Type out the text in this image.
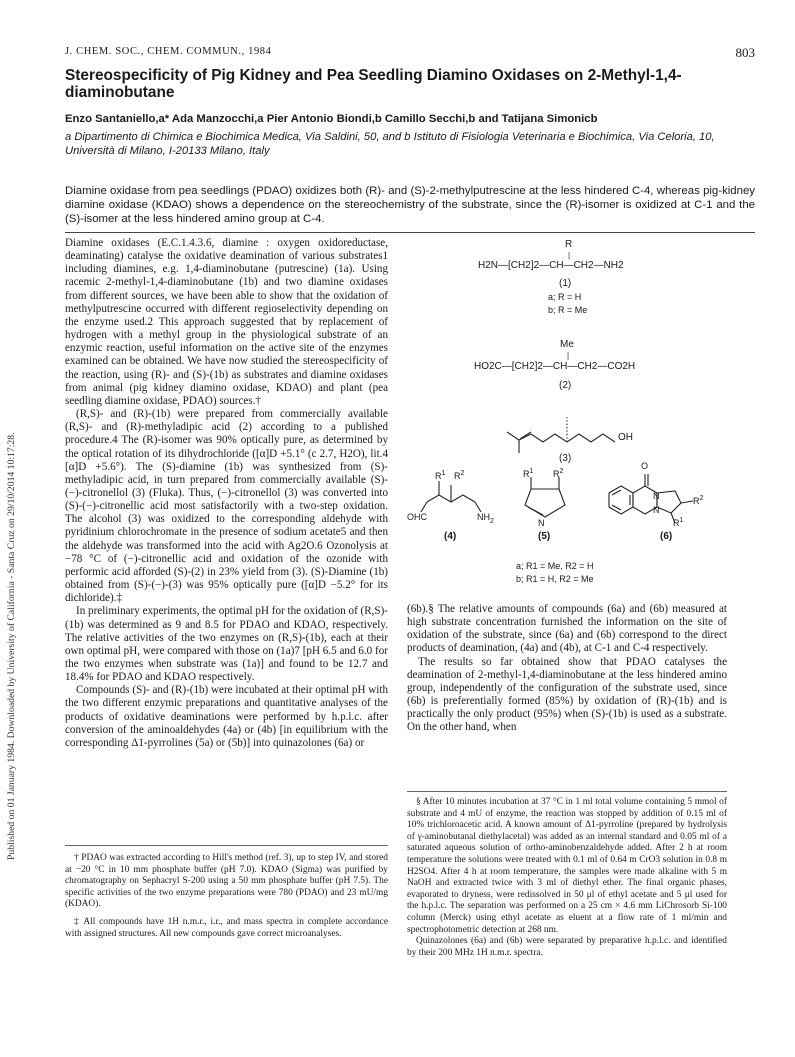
Published on 01 January 1984. Downloaded by University of California - Santa Cruz on 29/10/2014 10:17:28.
J. CHEM. SOC., CHEM. COMMUN., 1984	803
Stereospecificity of Pig Kidney and Pea Seedling Diamino Oxidases on 2-Methyl-1,4-diaminobutane
Enzo Santaniello,a* Ada Manzocchi,a Pier Antonio Biondi,b Camillo Secchi,b and Tatijana Simonicb
a Dipartimento di Chimica e Biochimica Medica, Via Saldini, 50, and b Istituto di Fisiologia Veterinaria e Biochimica, Via Celoria, 10, Università di Milano, I-20133 Milano, Italy
Diamine oxidase from pea seedlings (PDAO) oxidizes both (R)- and (S)-2-methylputrescine at the less hindered C-4, whereas pig-kidney diamine oxidase (KDAO) shows a dependence on the stereochemistry of the substrate, since the (R)-isomer is oxidized at C-1 and the (S)-isomer at the less hindered amino group at C-4.

Diamine oxidases (E.C.1.4.3.6, diamine : oxygen oxidoreductase, deaminating) catalyse the oxidative deamination of various substrates1 including diamines, e.g. 1,4-diaminobutane (putrescine) (1a). Using racemic 2-methyl-1,4-diaminobutane (1b) and two diamine oxidases from different sources, we have been able to show that the oxidation of methylputrescine occurred with different regioselectivity depending on the enzyme used.2 This approach suggested that by replacement of hydrogen with a methyl group in the physiological substrate of an enzymic reaction, useful information on the active site of the enzymes examined can be obtained. We have now studied the stereospecificity of the reaction, using (R)- and (S)-(1b) as substrates and diamine oxidases from animal (pig kidney diamino oxidase, KDAO) and plant (pea seedling diamine oxidase, PDAO) sources.†

(R,S)- and (R)-(1b) were prepared from commercially available (R,S)- and (R)-methyladipic acid (2) according to a published procedure.4 The (R)-isomer was 90% optically pure, as determined by the optical rotation of its dihydrochloride ([α]D +5.1° (c 2.7, H2O), lit.4 [α]D +5.6°). The (S)-diamine (1b) was synthesized from (S)-methyladipic acid, in turn prepared from commercially available (S)-(−)-citronellol (3) (Fluka). Thus, (−)-citronellol (3) was converted into (S)-(−)-citronellic acid most satisfactorily with a two-step oxidation. The alcohol (3) was oxidized to the corresponding aldehyde with pyridinium chlorochromate in the presence of sodium acetate5 and then the aldehyde was transformed into the acid with Ag2O.6 Ozonolysis at −78 °C of (−)-citronellic acid and oxidation of the ozonide with performic acid afforded (S)-(2) in 23% yield from (3). (S)-Diamine (1b) obtained from (S)-(−)-(3) was 95% optically pure ([α]D −5.2° for its dichloride).‡

In preliminary experiments, the optimal pH for the oxidation of (R,S)-(1b) was determined as 9 and 8.5 for PDAO and KDAO, respectively. The relative activities of the two enzymes on (R,S)-(1b), each at their own optimal pH, were compared with those on (1a)7 [pH 6.5 and 6.0 for the two enzymes when substrate was (1a)] and found to be 12.7 and 18.4% for PDAO and KDAO respectively.

Compounds (S)- and (R)-(1b) were incubated at their optimal pH with the two different enzymic preparations and quantitative analyses of the products of oxidative deaminations were performed by h.p.l.c. after conversion of the aminoaldehydes (4a) or (4b) [in equilibrium with the corresponding Δ1-pyrrolines (5a) or (5b)] into quinazolones (6a) or

† PDAO was extracted according to Hill's method (ref. 3), up to step IV, and stored at −20 °C in 10 mm phosphate buffer (pH 7.0). KDAO (Sigma) was purified by chromatography on Sephacryl S-200 using a 50 mm phosphate buffer (pH 7.5). The specific activities of the two enzyme preparations were 780 (PDAO) and 23 mU/mg (KDAO).

‡ All compounds have 1H n.m.r., i.r., and mass spectra in complete accordance with assigned structures. All new compounds gave correct microanalyses.

R
|
H2N—[CH2]2—CH—CH2—NH2
(1)
a; R = H
b; R = Me
Me
|
HO2C—[CH2]2—CH—CH2—CO2H
(2)
OH
(3)
$R^1$ $R^2$
OHC	$NH_2$
(4)
$R^1$ $R^2$
N
(5)
O
N
N
$R^2$
$R^1$
(6)
a; R1 = Me, R2 = H
b; R1 = H, R2 = Me

(6b).§ The relative amounts of compounds (6a) and (6b) measured at high substrate concentration furnished the information on the site of oxidation of the substrate, since (6a) and (6b) correspond to the direct products of deamination, (4a) and (4b), at C-1 and C-4 respectively.

The results so far obtained show that PDAO catalyses the deamination of 2-methyl-1,4-diaminobutane at the less hindered amino group, independently of the configuration of the substrate used, since (6b) is preferentially formed (85%) by oxidation of (R)-(1b) and is practically the only product (95%) when (S)-(1b) is used as a substrate. On the other hand, when

§ After 10 minutes incubation at 37 °C in 1 ml total volume containing 5 mmol of substrate and 4 mU of enzyme, the reaction was stopped by addition of 0.15 ml of 10% trichloroacetic acid. A known amount of Δ1-pyrroline (prepared by hydrolysis of γ-aminobutanal diethylacetal) was added as an internal standard and 0.05 ml of a saturated aqueous solution of ortho-aminobenzaldehyde added. After 2 h at room temperature the solutions were treated with 0.1 ml of 0.64 m CrO3 solution in 0.8 m H2SO4. After 4 h at room temperature, the samples were made alkaline with 5 m NaOH and extracted twice with 3 ml of diethyl ether. The final organic phases, evaporated to dryness, were redissolved in 50 μl of ethyl acetate and 5 μl used for the h.p.l.c. The separation was performed on a 25 cm × 4.6 mm LiChrosorb Si-100 column (Merck) using ethyl acetate as eluent at a flow rate of 1 ml/min and spectrophotometric detection at 268 nm.

Quinazolones (6a) and (6b) were separated by preparative h.p.l.c. and identified by their 200 MHz 1H n.m.r. spectra.
